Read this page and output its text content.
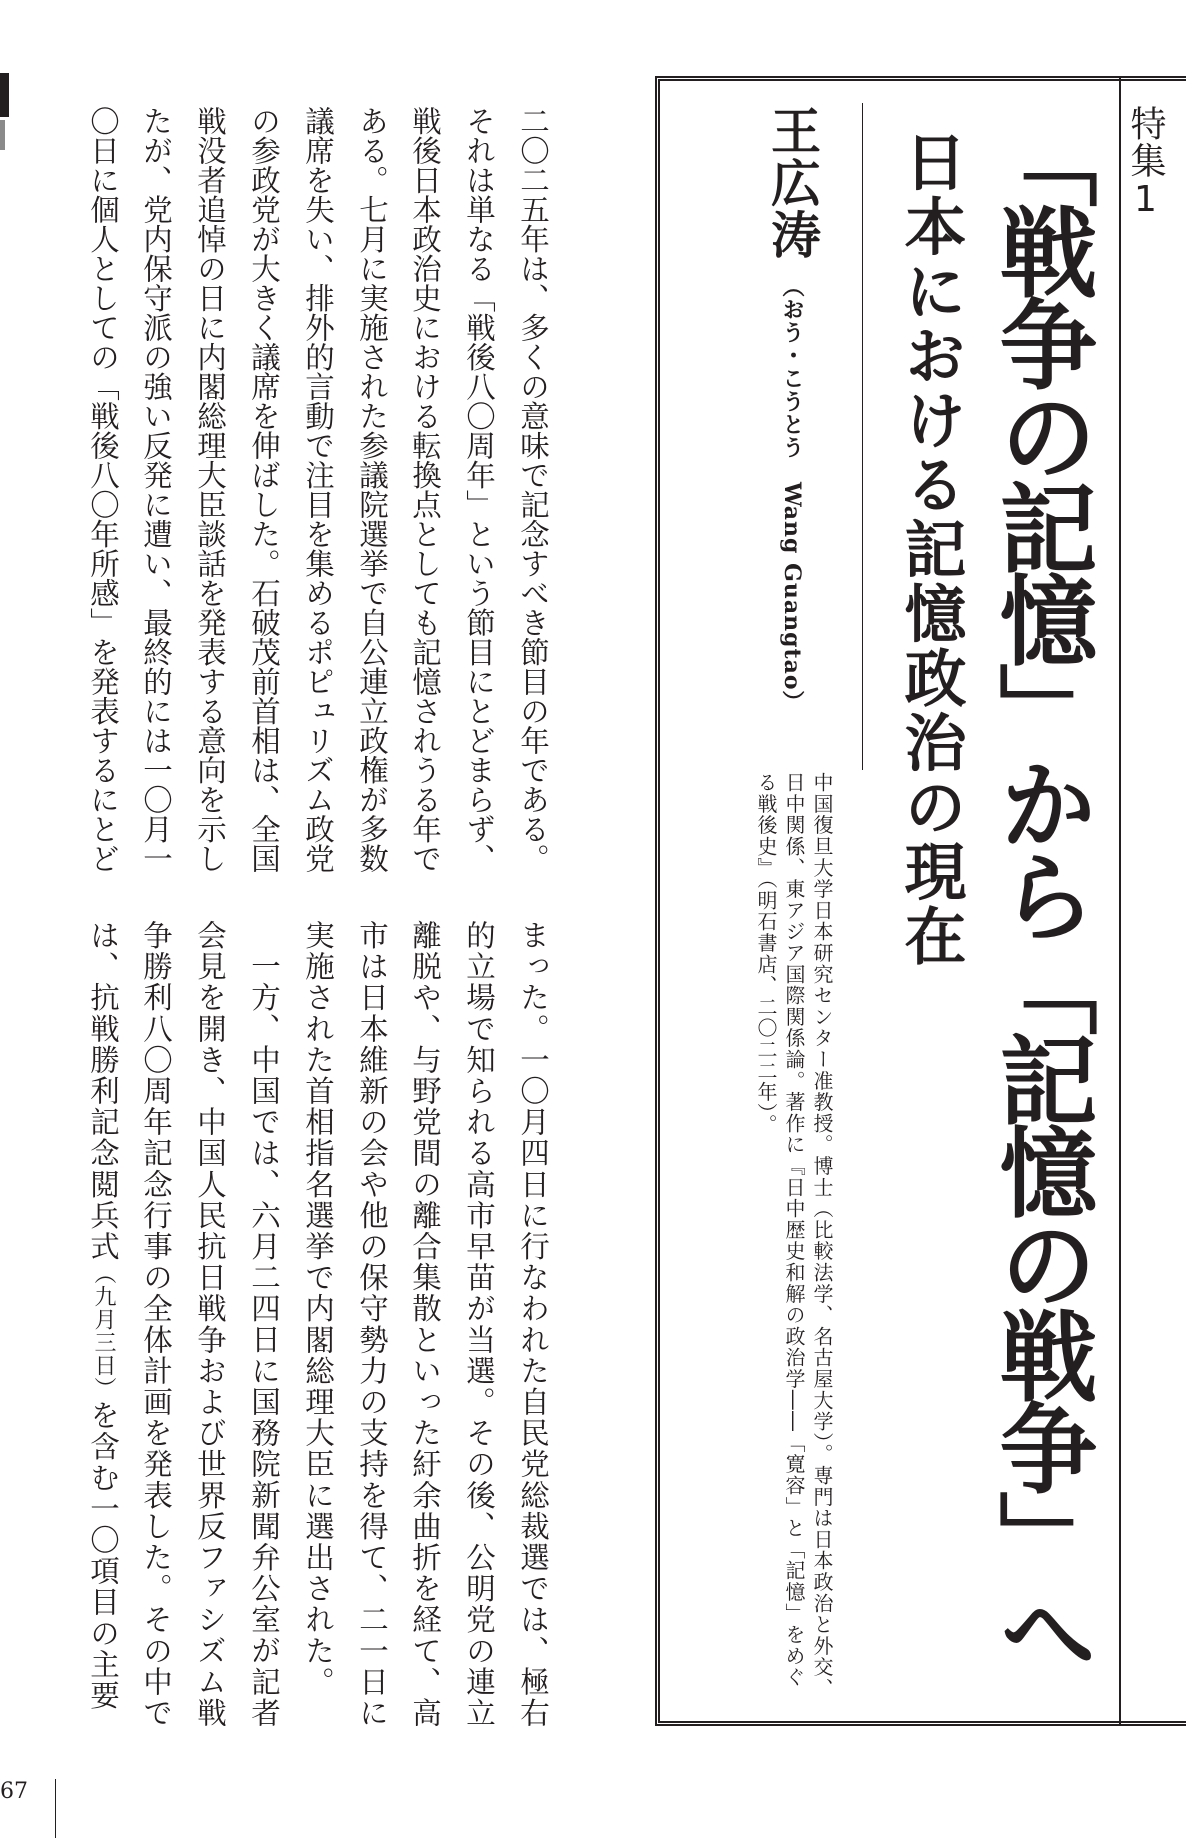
67
二〇二五年は、多くの意味で記念すべき節目の年である。
それは単なる「戦後八〇周年」という節目にとどまらず、
戦後日本政治史における転換点としても記憶されうる年で
ある。七月に実施された参議院選挙で自公連立政権が多数
議席を失い、排外的言動で注目を集めるポピュリズム政党
の参政党が大きく議席を伸ばした。石破茂前首相は、全国
戦没者追悼の日に内閣総理大臣談話を発表する意向を示し
たが、党内保守派の強い反発に遭い、最終的には一〇月一
〇日に個人としての「戦後八〇年所感」を発表するにとど
まった。一〇月四日に行なわれた自民党総裁選では、極右
的立場で知られる高市早苗が当選。その後、公明党の連立
離脱や、与野党間の離合集散といった紆余曲折を経て、高
市は日本維新の会や他の保守勢力の支持を得て、二一日に
実施された首相指名選挙で内閣総理大臣に選出された。
一方、中国では、六月二四日に国務院新聞弁公室が記者
会見を開き、中国人民抗日戦争および世界反ファシズム戦
争勝利八〇周年記念行事の全体計画を発表した。その中で
は、抗戦勝利記念閲兵式（九月三日）を含む一〇項目の主要
特集1
「戦争の記憶」から「記憶の戦争」へ
日本における記憶政治の現在
王広涛
（おう・こうとう　Wang Guangtao）
中国復旦大学日本研究センター准教授。博士（比較法学、名古屋大学）。専門は日本政治と外交、
日中関係、東アジア国際関係論。著作に『日中歴史和解の政治学――「寛容」と「記憶」をめぐ
る戦後史』（明石書店、二〇二二年）。
